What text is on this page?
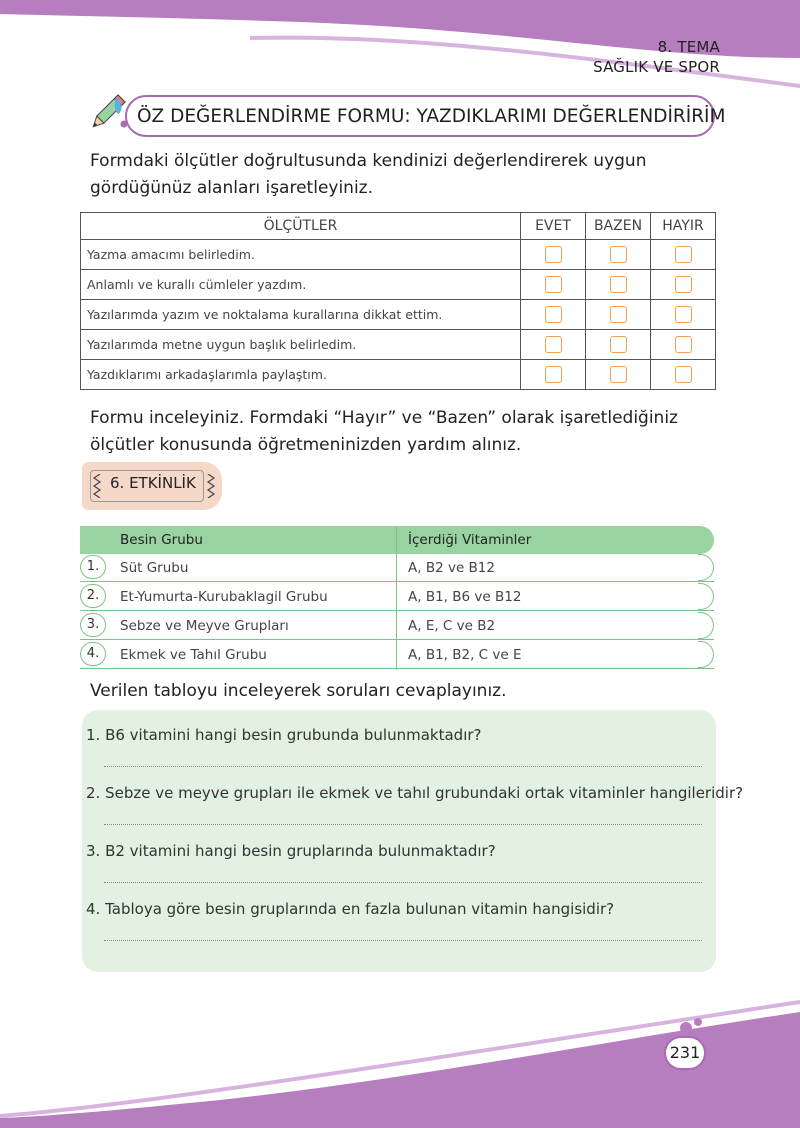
8. TEMA
SAĞLIK VE SPOR
ÖZ DEĞERLENDİRME FORMU: YAZDIKLARIMI DEĞERLENDİRİRİM
Formdaki ölçütler doğrultusunda kendinizi değerlendirerek uygun
gördüğünüz alanları işaretleyiniz.
ÖLÇÜTLER	EVET	BAZEN	HAYIR
Yazma amacımı belirledim.			
Anlamlı ve kurallı cümleler yazdım.			
Yazılarımda yazım ve noktalama kurallarına dikkat ettim.			
Yazılarımda metne uygun başlık belirledim.			
Yazdıklarımı arkadaşlarımla paylaştım.			
Formu inceleyiniz. Formdaki “Hayır” ve “Bazen” olarak işaretlediğiniz
ölçütler konusunda öğretmeninizden yardım alınız.
6. ETKİNLİK
Besin Grubu	İçerdiği Vitaminler
1.	Süt Grubu	A, B2 ve B12
2.	Et-Yumurta-Kurubaklagil Grubu	A, B1, B6 ve B12
3.	Sebze ve Meyve Grupları	A, E, C ve B2
4.	Ekmek ve Tahıl Grubu	A, B1, B2, C ve E
Verilen tabloyu inceleyerek soruları cevaplayınız.
1. B6 vitamini hangi besin grubunda bulunmaktadır?
2. Sebze ve meyve grupları ile ekmek ve tahıl grubundaki ortak vitaminler hangileridir?
3. B2 vitamini hangi besin gruplarında bulunmaktadır?
4. Tabloya göre besin gruplarında en fazla bulunan vitamin hangisidir?
231
